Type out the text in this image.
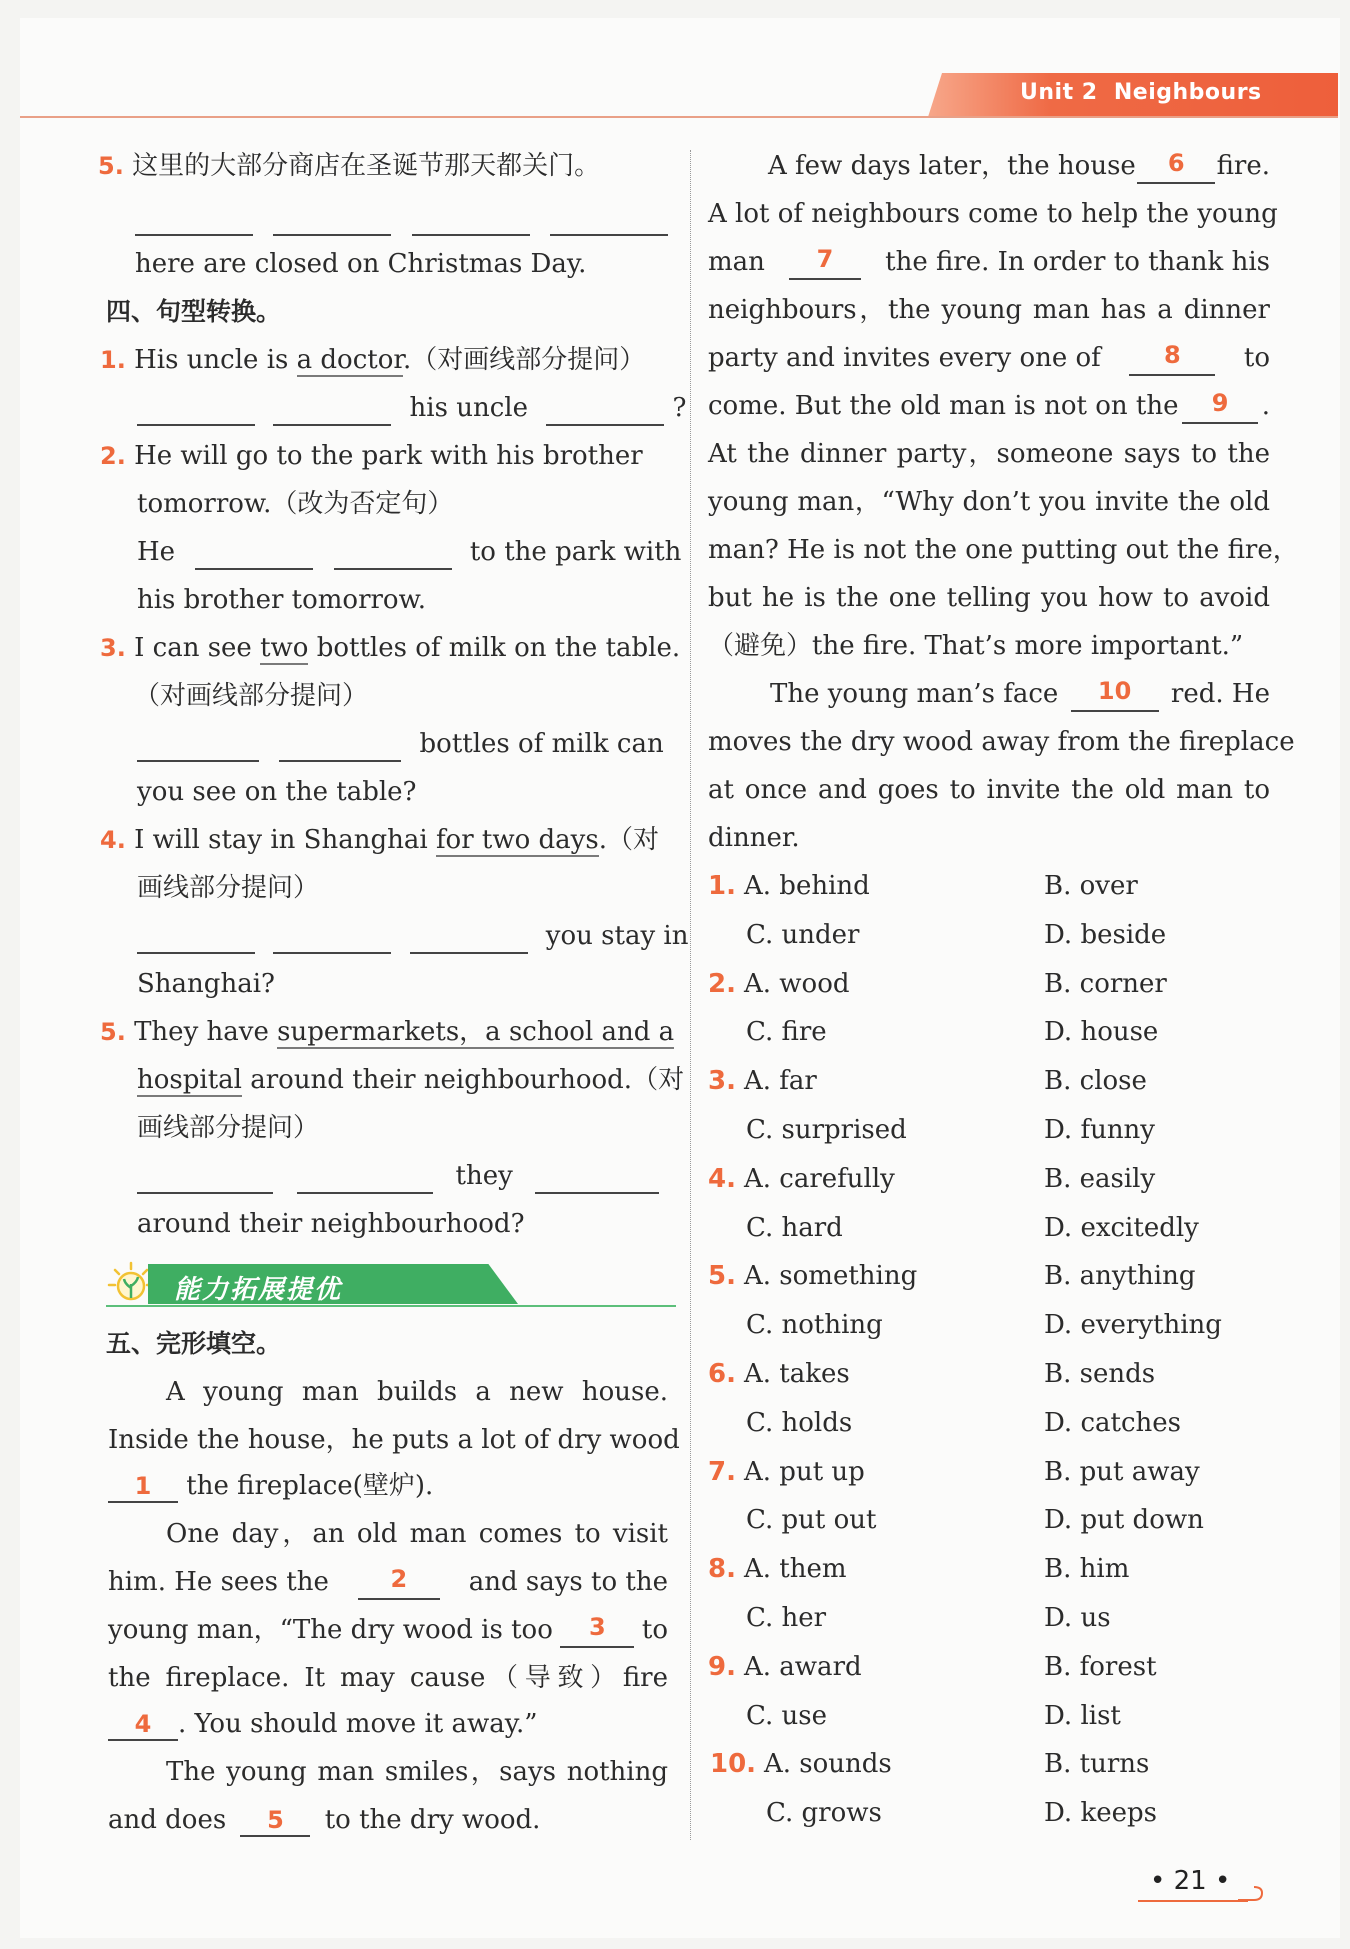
Unit 2 Neighbours
5. 这里的大部分商店在圣诞节那天都关门。

here are closed on Christmas Day.
四、句型转换。
1. His uncle is a doctor.（对画线部分提问）
his uncle	?
2. He will go to the park with his brother
tomorrow.（改为否定句）
He	to the park with
his brother tomorrow.
3. I can see two bottles of milk on the table.
（对画线部分提问）
bottles of milk can
you see on the table?
4. I will stay in Shanghai for two days.（对
画线部分提问）
you stay in
Shanghai?
5. They have supermarkets，a school and a
hospital around their neighbourhood.（对
画线部分提问）
they
around their neighbourhood?
能力拓展提优
五、完形填空。
A young man builds a new house.
Inside the house，he puts a lot of dry wood
1 the fireplace(壁炉).
One day，an old man comes to visit
him. He sees the	2	and says to the
young man，“The dry wood is too	3	to
the fireplace. It may cause（导致）fire
4 . You should move it away.”
The young man smiles，says nothing
and does 5 to the dry wood.
A few days later，the house	6	fire.
A lot of neighbours come to help the young
man	7	the fire. In order to thank his
neighbours，the young man has a dinner
party and invites every one of	8	to
come. But the old man is not on the	9	.
At the dinner party，someone says to the
young man，“Why don’t you invite the old
man? He is not the one putting out the fire，
but he is the one telling you how to avoid
（避免）the fire. That’s more important.”
The young man’s face	10	red. He
moves the dry wood away from the fireplace
at once and goes to invite the old man to
dinner.
1. A. behind	B. over
C. under	D. beside
2. A. wood	B. corner
C. fire	D. house
3. A. far	B. close
C. surprised	D. funny
4. A. carefully	B. easily
C. hard	D. excitedly
5. A. something	B. anything
C. nothing	D. everything
6. A. takes	B. sends
C. holds	D. catches
7. A. put up	B. put away
C. put out	D. put down
8. A. them	B. him
C. her	D. us
9. A. award	B. forest
C. use	D. list
10. A. sounds	B. turns
C. grows	D. keeps
• 21 •
